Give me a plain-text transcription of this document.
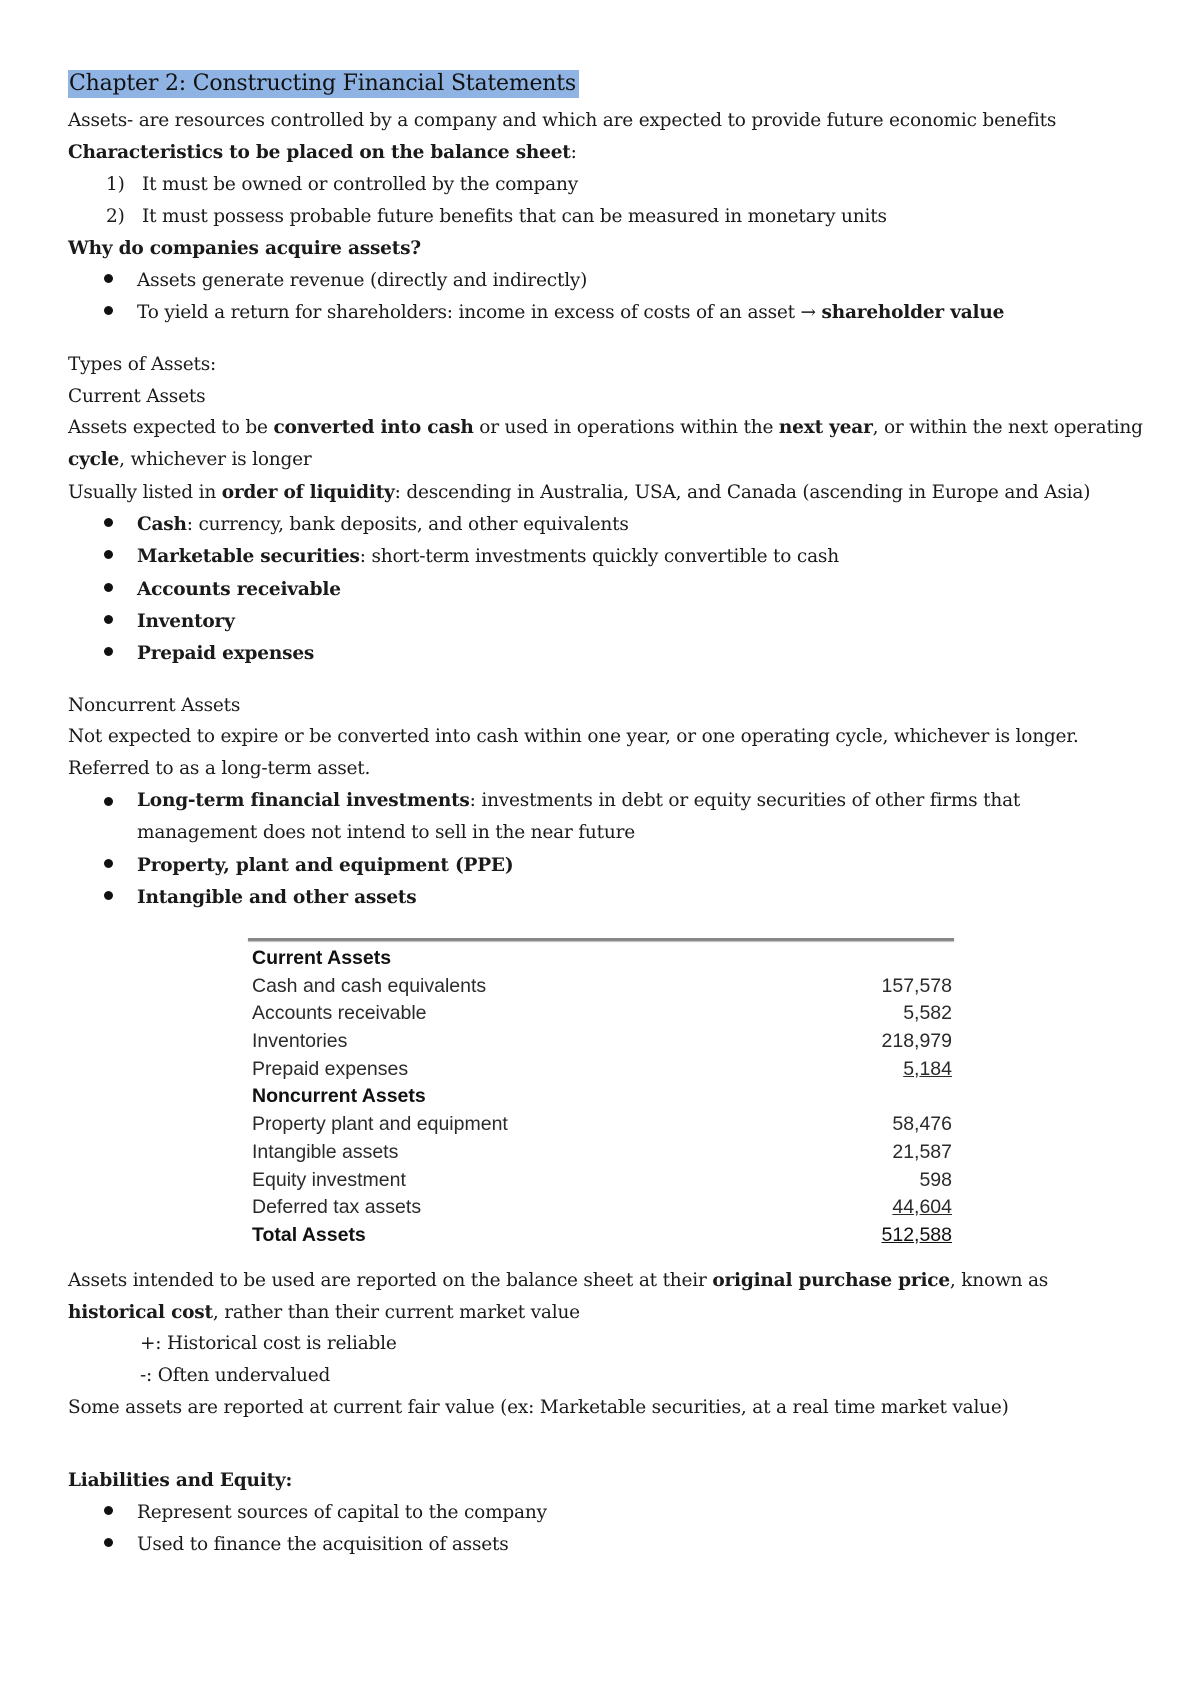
Chapter 2: Constructing Financial Statements
Assets- are resources controlled by a company and which are expected to provide future economic benefits
Characteristics to be placed on the balance sheet:
1) It must be owned or controlled by the company
2) It must possess probable future benefits that can be measured in monetary units
Why do companies acquire assets?
Assets generate revenue (directly and indirectly)
To yield a return for shareholders: income in excess of costs of an asset → shareholder value
Types of Assets:
Current Assets
Assets expected to be converted into cash or used in operations within the next year, or within the next operating cycle, whichever is longer
Usually listed in order of liquidity: descending in Australia, USA, and Canada (ascending in Europe and Asia)
Cash: currency, bank deposits, and other equivalents
Marketable securities: short-term investments quickly convertible to cash
Accounts receivable
Inventory
Prepaid expenses
Noncurrent Assets
Not expected to expire or be converted into cash within one year, or one operating cycle, whichever is longer. Referred to as a long-term asset.
Long-term financial investments: investments in debt or equity securities of other firms that management does not intend to sell in the near future
Property, plant and equipment (PPE)
Intangible and other assets
Current Assets
Cash and cash equivalents	157,578
Accounts receivable	5,582
Inventories	218,979
Prepaid expenses	5,184
Noncurrent Assets
Property plant and equipment	58,476
Intangible assets	21,587
Equity investment	598
Deferred tax assets	44,604
Total Assets	512,588
Assets intended to be used are reported on the balance sheet at their original purchase price, known as historical cost, rather than their current market value
+: Historical cost is reliable
-: Often undervalued
Some assets are reported at current fair value (ex: Marketable securities, at a real time market value)
Liabilities and Equity:
Represent sources of capital to the company
Used to finance the acquisition of assets
